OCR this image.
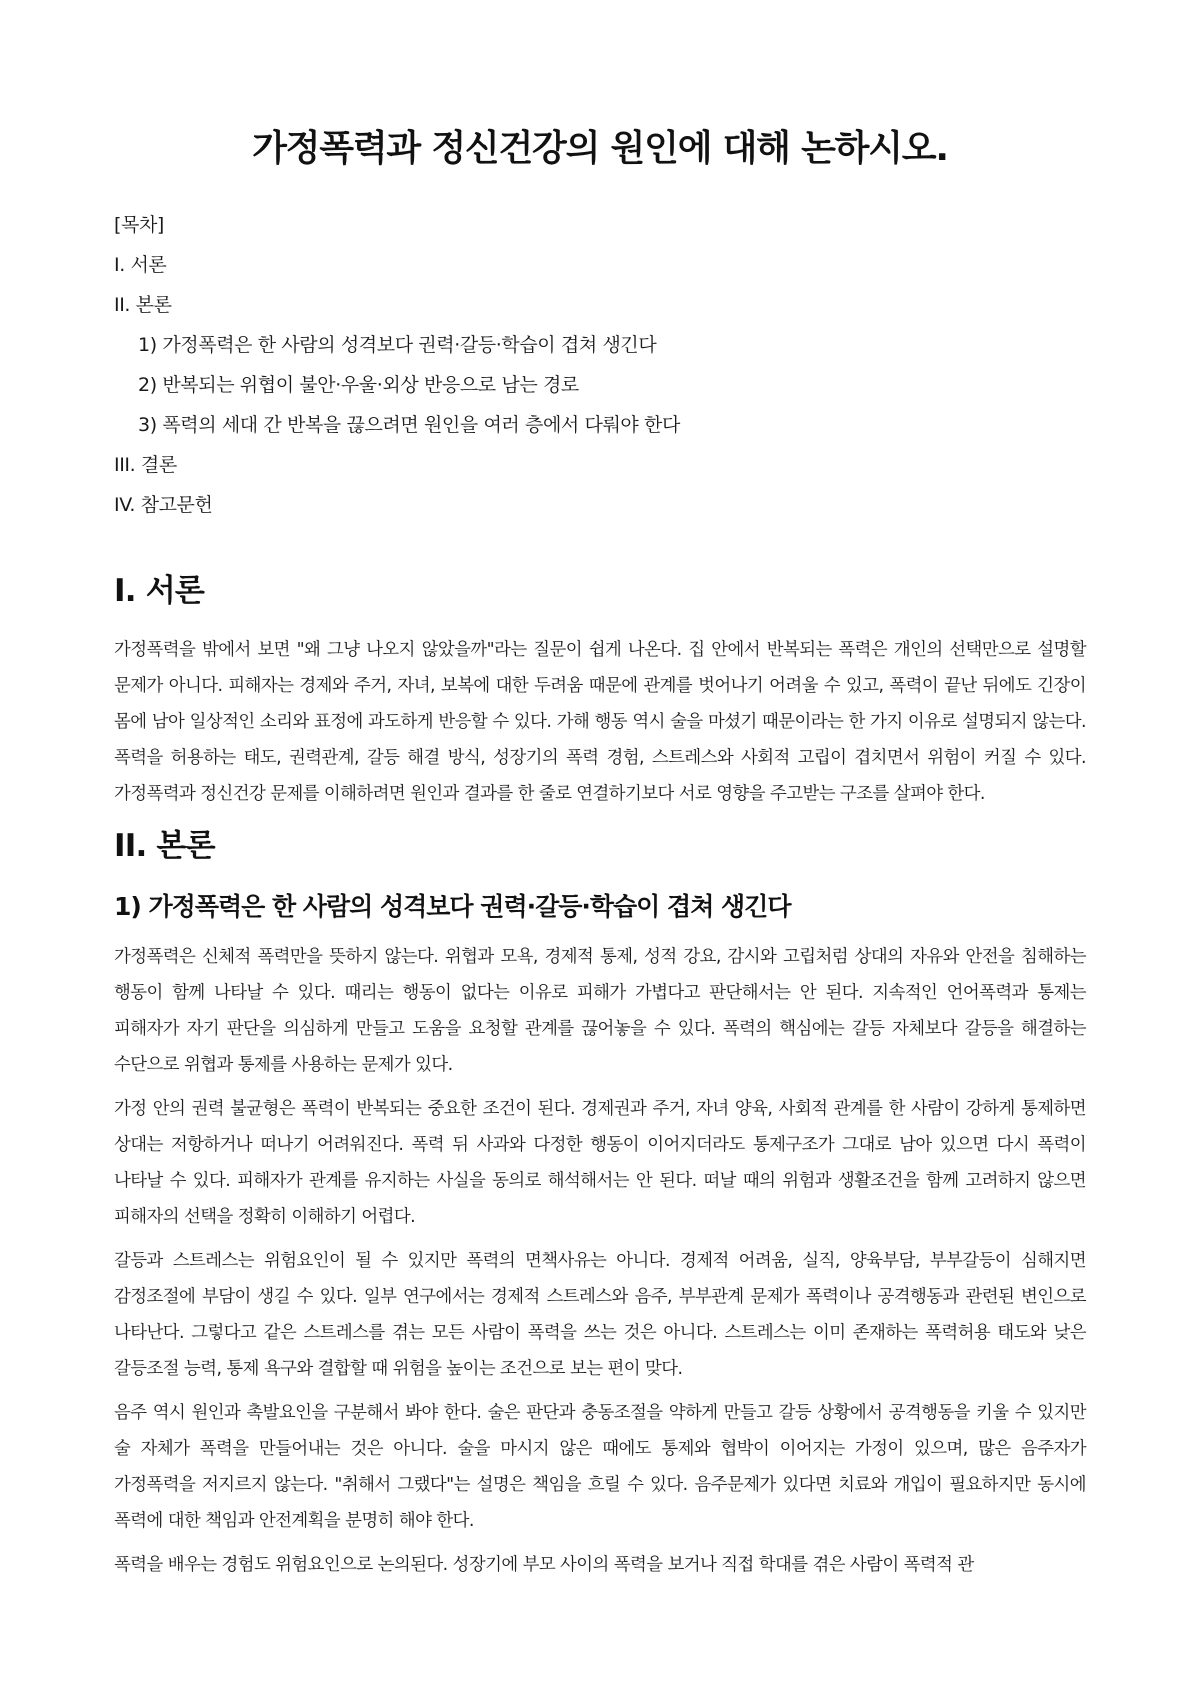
가정폭력과 정신건강의 원인에 대해 논하시오.
[목차]
I. 서론
II. 본론
1) 가정폭력은 한 사람의 성격보다 권력·갈등·학습이 겹쳐 생긴다
2) 반복되는 위협이 불안·우울·외상 반응으로 남는 경로
3) 폭력의 세대 간 반복을 끊으려면 원인을 여러 층에서 다뤄야 한다
III. 결론
IV. 참고문헌
I. 서론

가정폭력을 밖에서 보면 "왜 그냥 나오지 않았을까"라는 질문이 쉽게 나온다. 집 안에서 반복되는 폭력은 개인의 선택만으로 설명할 문제가 아니다. 피해자는 경제와 주거, 자녀, 보복에 대한 두려움 때문에 관계를 벗어나기 어려울 수 있고, 폭력이 끝난 뒤에도 긴장이 몸에 남아 일상적인 소리와 표정에 과도하게 반응할 수 있다. 가해 행동 역시 술을 마셨기 때문이라는 한 가지 이유로 설명되지 않는다. 폭력을 허용하는 태도, 권력관계, 갈등 해결 방식, 성장기의 폭력 경험, 스트레스와 사회적 고립이 겹치면서 위험이 커질 수 있다. 가정폭력과 정신건강 문제를 이해하려면 원인과 결과를 한 줄로 연결하기보다 서로 영향을 주고받는 구조를 살펴야 한다.

II. 본론
1) 가정폭력은 한 사람의 성격보다 권력·갈등·학습이 겹쳐 생긴다

가정폭력은 신체적 폭력만을 뜻하지 않는다. 위협과 모욕, 경제적 통제, 성적 강요, 감시와 고립처럼 상대의 자유와 안전을 침해하는 행동이 함께 나타날 수 있다. 때리는 행동이 없다는 이유로 피해가 가볍다고 판단해서는 안 된다. 지속적인 언어폭력과 통제는 피해자가 자기 판단을 의심하게 만들고 도움을 요청할 관계를 끊어놓을 수 있다. 폭력의 핵심에는 갈등 자체보다 갈등을 해결하는 수단으로 위협과 통제를 사용하는 문제가 있다.

가정 안의 권력 불균형은 폭력이 반복되는 중요한 조건이 된다. 경제권과 주거, 자녀 양육, 사회적 관계를 한 사람이 강하게 통제하면 상대는 저항하거나 떠나기 어려워진다. 폭력 뒤 사과와 다정한 행동이 이어지더라도 통제구조가 그대로 남아 있으면 다시 폭력이 나타날 수 있다. 피해자가 관계를 유지하는 사실을 동의로 해석해서는 안 된다. 떠날 때의 위험과 생활조건을 함께 고려하지 않으면 피해자의 선택을 정확히 이해하기 어렵다.

갈등과 스트레스는 위험요인이 될 수 있지만 폭력의 면책사유는 아니다. 경제적 어려움, 실직, 양육부담, 부부갈등이 심해지면 감정조절에 부담이 생길 수 있다. 일부 연구에서는 경제적 스트레스와 음주, 부부관계 문제가 폭력이나 공격행동과 관련된 변인으로 나타난다. 그렇다고 같은 스트레스를 겪는 모든 사람이 폭력을 쓰는 것은 아니다. 스트레스는 이미 존재하는 폭력허용 태도와 낮은 갈등조절 능력, 통제 욕구와 결합할 때 위험을 높이는 조건으로 보는 편이 맞다.

음주 역시 원인과 촉발요인을 구분해서 봐야 한다. 술은 판단과 충동조절을 약하게 만들고 갈등 상황에서 공격행동을 키울 수 있지만 술 자체가 폭력을 만들어내는 것은 아니다. 술을 마시지 않은 때에도 통제와 협박이 이어지는 가정이 있으며, 많은 음주자가 가정폭력을 저지르지 않는다. "취해서 그랬다"는 설명은 책임을 흐릴 수 있다. 음주문제가 있다면 치료와 개입이 필요하지만 동시에 폭력에 대한 책임과 안전계획을 분명히 해야 한다.

폭력을 배우는 경험도 위험요인으로 논의된다. 성장기에 부모 사이의 폭력을 보거나 직접 학대를 겪은 사람이 폭력적 관
